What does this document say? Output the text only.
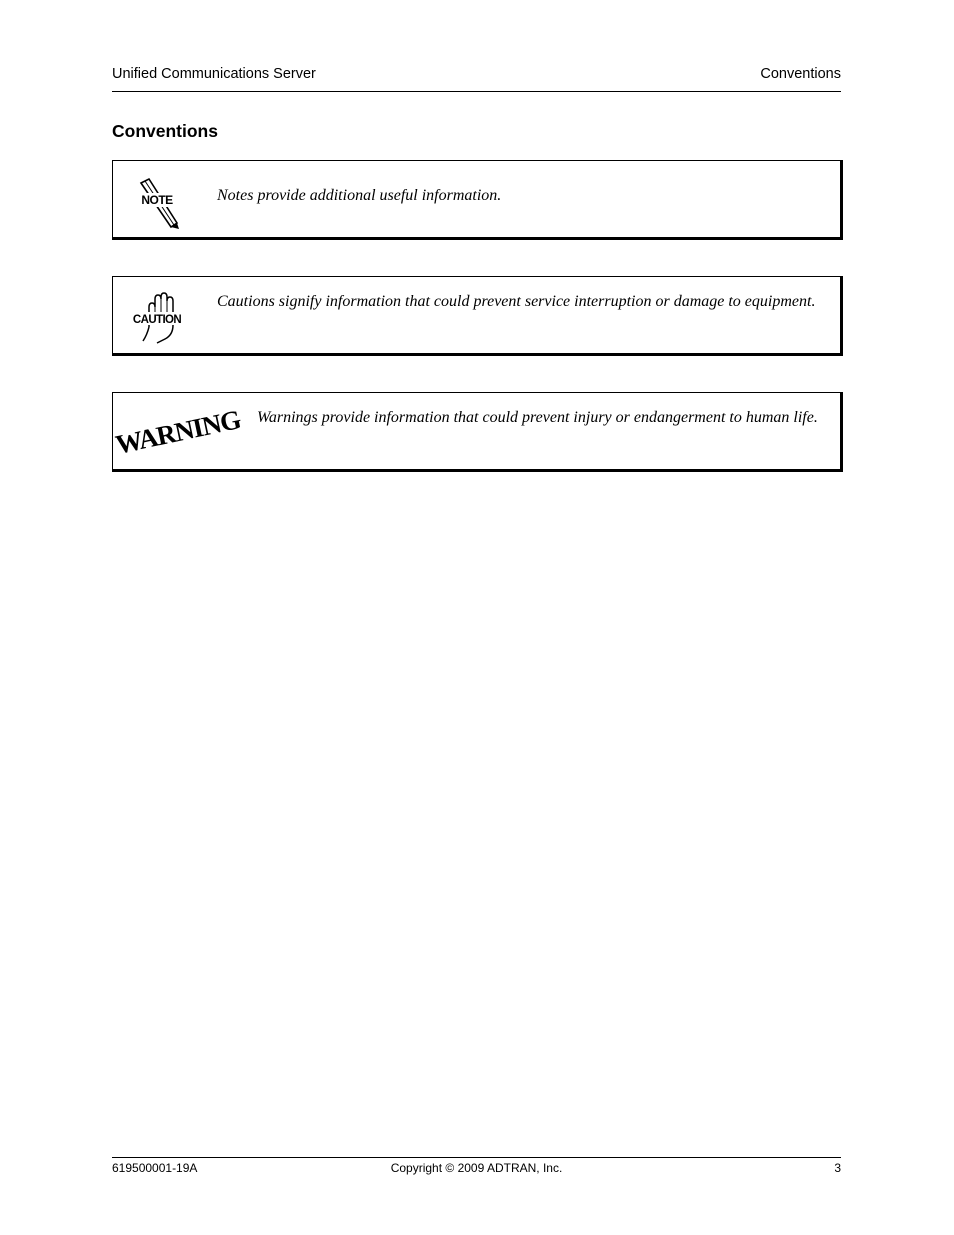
Unified Communications Server	Conventions
Conventions
NOTE	Notes provide additional useful information.
CAUTION
Cautions signify information that could prevent service interruption or damage to equipment.
WARNING Warnings provide information that could prevent injury or endangerment to human life.
619500001-19A	Copyright © 2009 ADTRAN, Inc.	3
